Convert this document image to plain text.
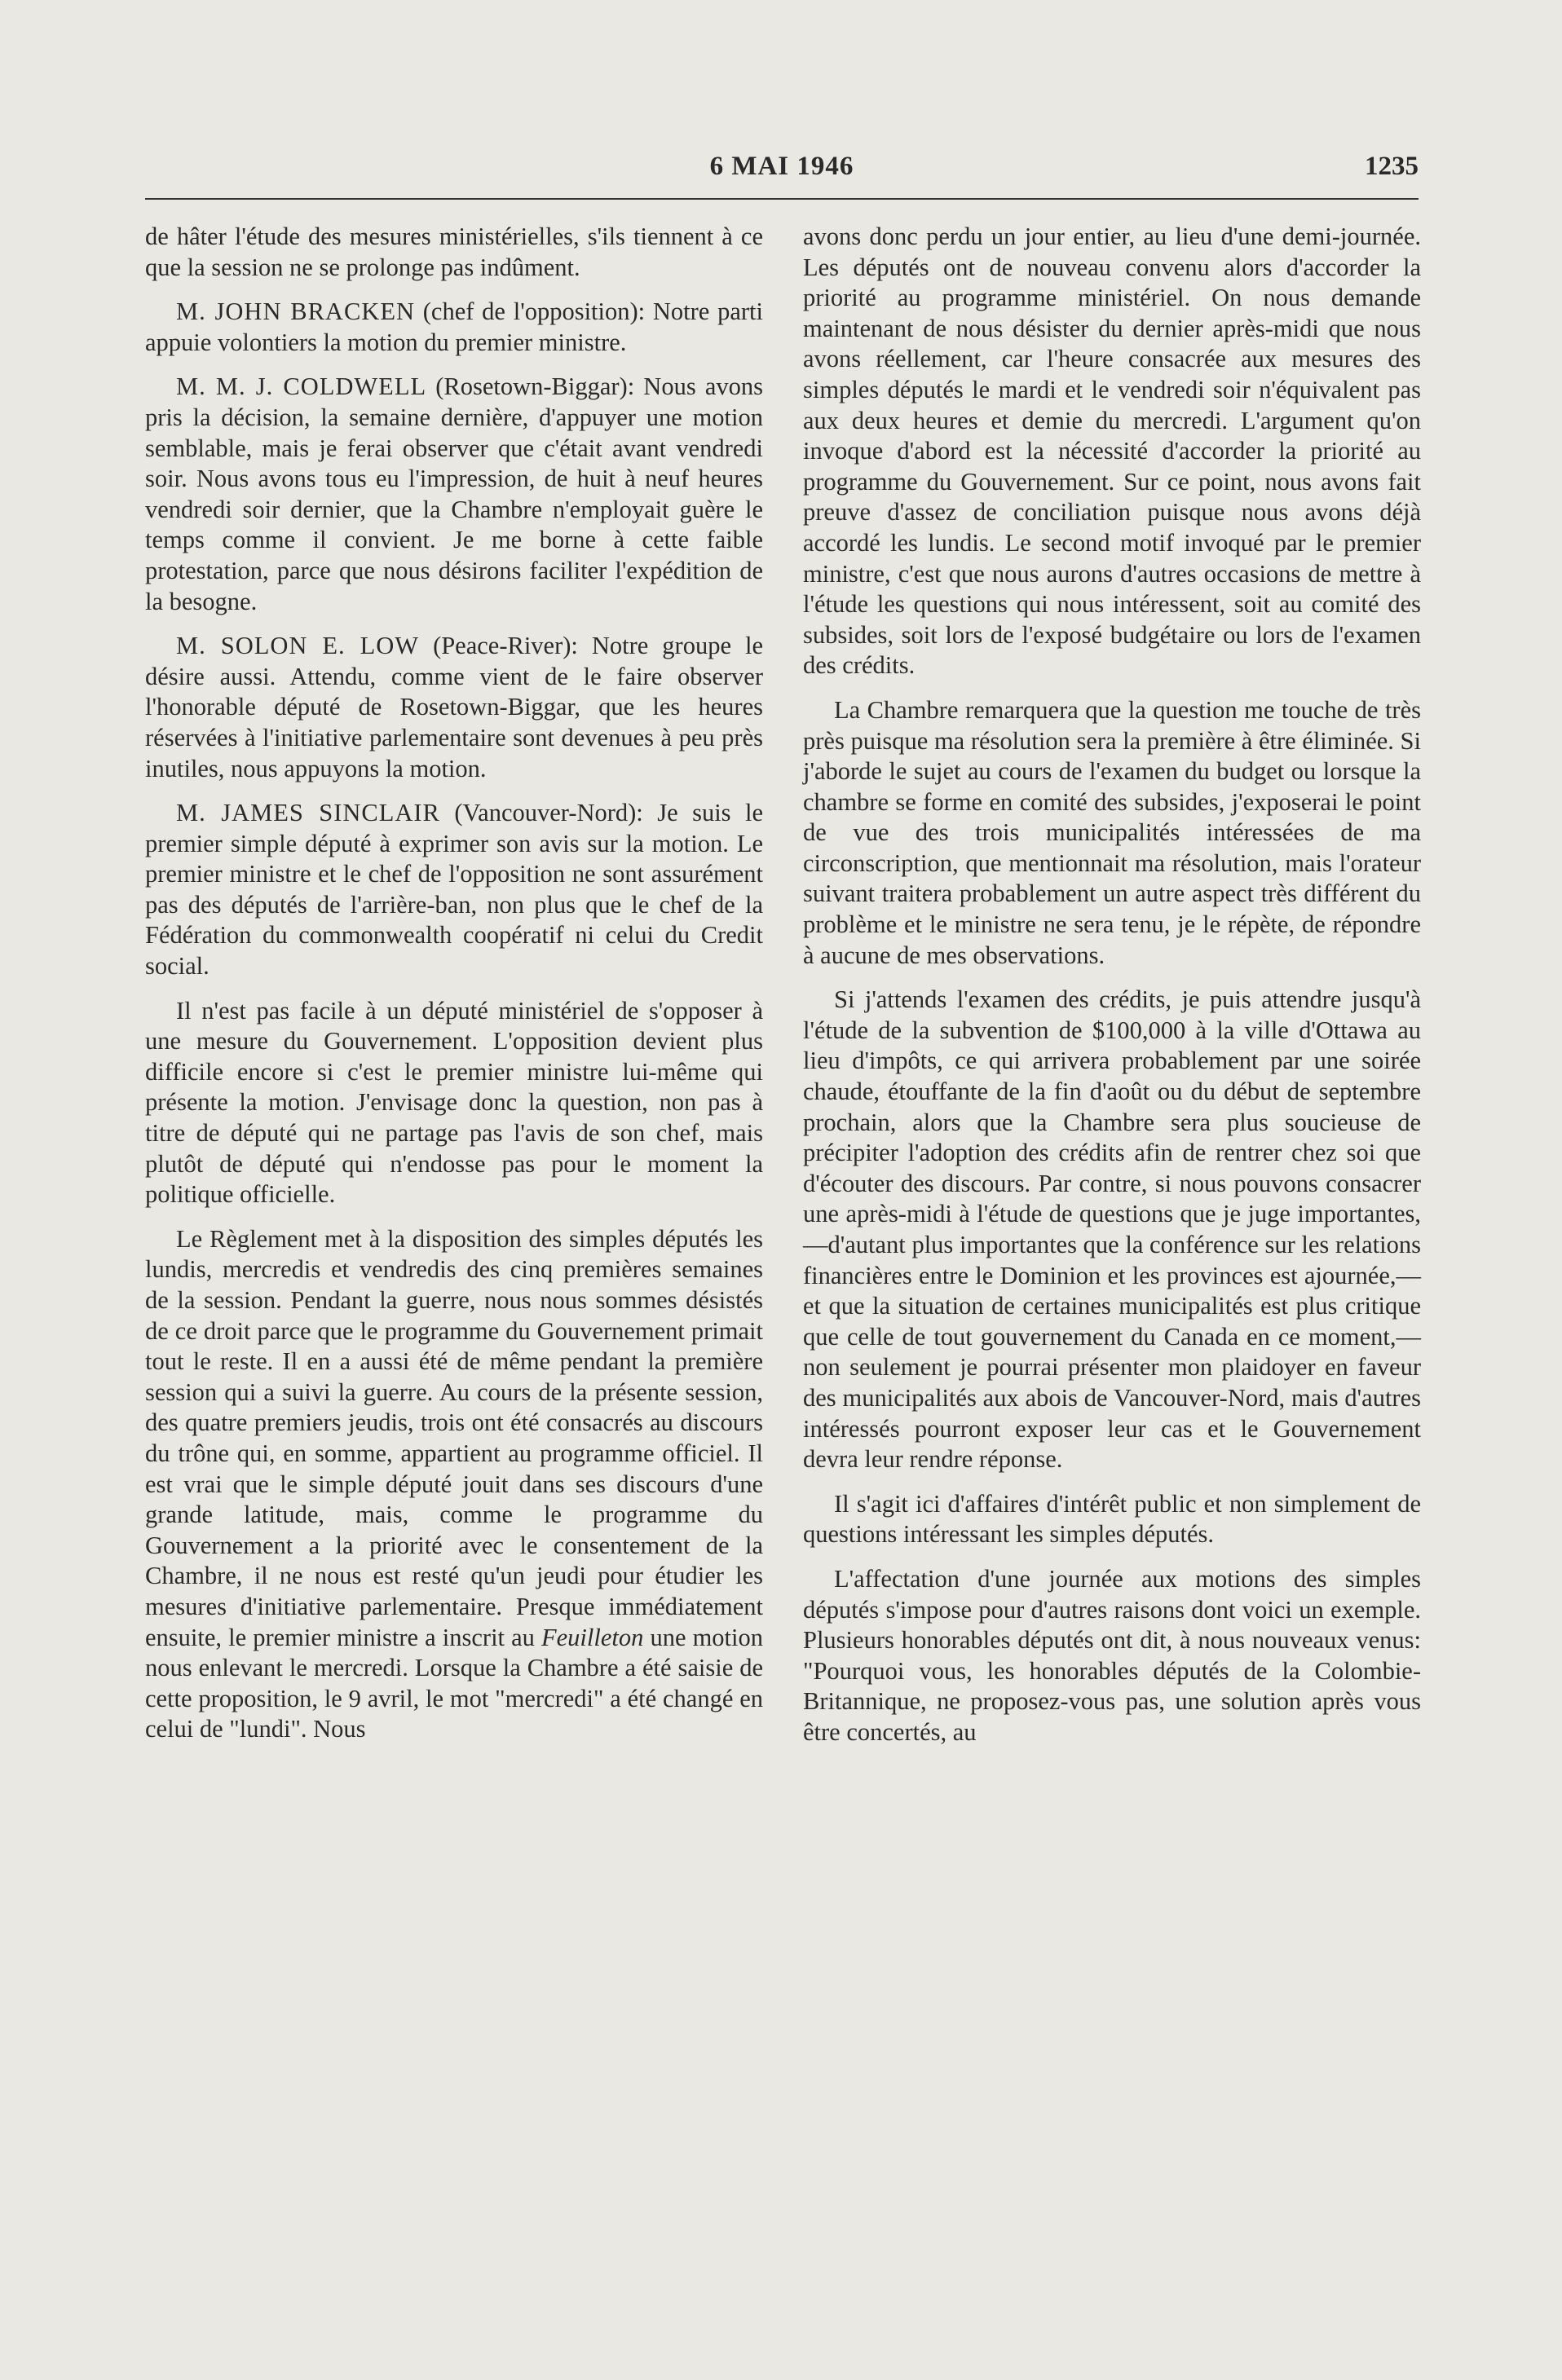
6 MAI 1946	1235

de hâter l'étude des mesures ministérielles, s'ils tiennent à ce que la session ne se prolonge pas indûment.

M. JOHN BRACKEN (chef de l'opposition): Notre parti appuie volontiers la motion du premier ministre.

M. M. J. COLDWELL (Rosetown-Biggar): Nous avons pris la décision, la semaine dernière, d'appuyer une motion semblable, mais je ferai observer que c'était avant vendredi soir. Nous avons tous eu l'impression, de huit à neuf heures vendredi soir dernier, que la Chambre n'employait guère le temps comme il convient. Je me borne à cette faible protestation, parce que nous désirons faciliter l'expédition de la besogne.

M. SOLON E. LOW (Peace-River): Notre groupe le désire aussi. Attendu, comme vient de le faire observer l'honorable député de Rosetown-Biggar, que les heures réservées à l'initiative parlementaire sont devenues à peu près inutiles, nous appuyons la motion.

M. JAMES SINCLAIR (Vancouver-Nord): Je suis le premier simple député à exprimer son avis sur la motion. Le premier ministre et le chef de l'opposition ne sont assurément pas des députés de l'arrière-ban, non plus que le chef de la Fédération du commonwealth coopératif ni celui du Credit social.

Il n'est pas facile à un député ministériel de s'opposer à une mesure du Gouvernement. L'opposition devient plus difficile encore si c'est le premier ministre lui-même qui présente la motion. J'envisage donc la question, non pas à titre de député qui ne partage pas l'avis de son chef, mais plutôt de député qui n'endosse pas pour le moment la politique officielle.

Le Règlement met à la disposition des simples députés les lundis, mercredis et vendredis des cinq premières semaines de la session. Pendant la guerre, nous nous sommes désistés de ce droit parce que le programme du Gouvernement primait tout le reste. Il en a aussi été de même pendant la première session qui a suivi la guerre. Au cours de la présente session, des quatre premiers jeudis, trois ont été consacrés au discours du trône qui, en somme, appartient au programme officiel. Il est vrai que le simple député jouit dans ses discours d'une grande latitude, mais, comme le programme du Gouvernement a la priorité avec le consentement de la Chambre, il ne nous est resté qu'un jeudi pour étudier les mesures d'initiative parlementaire. Presque immédiatement ensuite, le premier ministre a inscrit au Feuilleton une motion nous enlevant le mercredi. Lorsque la Chambre a été saisie de cette proposition, le 9 avril, le mot "mercredi" a été changé en celui de "lundi". Nous

avons donc perdu un jour entier, au lieu d'une demi-journée. Les députés ont de nouveau convenu alors d'accorder la priorité au programme ministériel. On nous demande maintenant de nous désister du dernier après-midi que nous avons réellement, car l'heure consacrée aux mesures des simples députés le mardi et le vendredi soir n'équivalent pas aux deux heures et demie du mercredi. L'argument qu'on invoque d'abord est la nécessité d'accorder la priorité au programme du Gouvernement. Sur ce point, nous avons fait preuve d'assez de conciliation puisque nous avons déjà accordé les lundis. Le second motif invoqué par le premier ministre, c'est que nous aurons d'autres occasions de mettre à l'étude les questions qui nous intéressent, soit au comité des subsides, soit lors de l'exposé budgétaire ou lors de l'examen des crédits.

La Chambre remarquera que la question me touche de très près puisque ma résolution sera la première à être éliminée. Si j'aborde le sujet au cours de l'examen du budget ou lorsque la chambre se forme en comité des subsides, j'exposerai le point de vue des trois municipalités intéressées de ma circonscription, que mentionnait ma résolution, mais l'orateur suivant traitera probablement un autre aspect très différent du problème et le ministre ne sera tenu, je le répète, de répondre à aucune de mes observations.

Si j'attends l'examen des crédits, je puis attendre jusqu'à l'étude de la subvention de $100,000 à la ville d'Ottawa au lieu d'impôts, ce qui arrivera probablement par une soirée chaude, étouffante de la fin d'août ou du début de septembre prochain, alors que la Chambre sera plus soucieuse de précipiter l'adoption des crédits afin de rentrer chez soi que d'écouter des discours. Par contre, si nous pouvons consacrer une après-midi à l'étude de questions que je juge importantes,—d'autant plus importantes que la conférence sur les relations financières entre le Dominion et les provinces est ajournée,—et que la situation de certaines municipalités est plus critique que celle de tout gouvernement du Canada en ce moment,—non seulement je pourrai présenter mon plaidoyer en faveur des municipalités aux abois de Vancouver-Nord, mais d'autres intéressés pourront exposer leur cas et le Gouvernement devra leur rendre réponse.

Il s'agit ici d'affaires d'intérêt public et non simplement de questions intéressant les simples députés.

L'affectation d'une journée aux motions des simples députés s'impose pour d'autres raisons dont voici un exemple. Plusieurs honorables députés ont dit, à nous nouveaux venus: "Pourquoi vous, les honorables députés de la Colombie-Britannique, ne proposez-vous pas, une solution après vous être concertés, au
